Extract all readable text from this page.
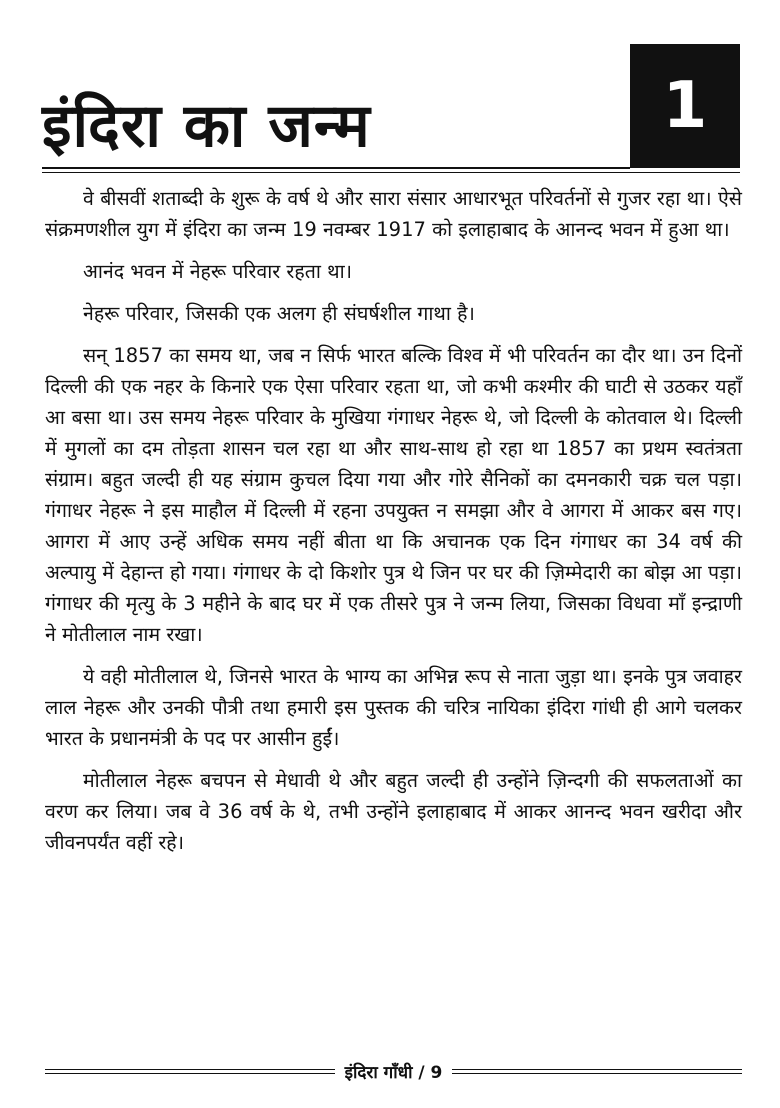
इंदिरा का जन्म	1

वे बीसवीं शताब्दी के शुरू के वर्ष थे और सारा संसार आधारभूत परिवर्तनों से गुजर रहा था। ऐसे संक्रमणशील युग में इंदिरा का जन्म 19 नवम्बर 1917 को इलाहाबाद के आनन्द भवन में हुआ था।

आनंद भवन में नेहरू परिवार रहता था।

नेहरू परिवार, जिसकी एक अलग ही संघर्षशील गाथा है।

सन् 1857 का समय था, जब न सिर्फ भारत बल्कि विश्व में भी परिवर्तन का दौर था। उन दिनों दिल्ली की एक नहर के किनारे एक ऐसा परिवार रहता था, जो कभी कश्मीर की घाटी से उठकर यहाँ आ बसा था। उस समय नेहरू परिवार के मुखिया गंगाधर नेहरू थे, जो दिल्ली के कोतवाल थे। दिल्ली में मुगलों का दम तोड़ता शासन चल रहा था और साथ-साथ हो रहा था 1857 का प्रथम स्वतंत्रता संग्राम। बहुत जल्दी ही यह संग्राम कुचल दिया गया और गोरे सैनिकों का दमनकारी चक्र चल पड़ा। गंगाधर नेहरू ने इस माहौल में दिल्ली में रहना उपयुक्त न समझा और वे आगरा में आकर बस गए। आगरा में आए उन्हें अधिक समय नहीं बीता था कि अचानक एक दिन गंगाधर का 34 वर्ष की अल्पायु में देहान्त हो गया। गंगाधर के दो किशोर पुत्र थे जिन पर घर की ज़िम्मेदारी का बोझ आ पड़ा। गंगाधर की मृत्यु के 3 महीने के बाद घर में एक तीसरे पुत्र ने जन्म लिया, जिसका विधवा माँ इन्द्राणी ने मोतीलाल नाम रखा।

ये वही मोतीलाल थे, जिनसे भारत के भाग्य का अभिन्न रूप से नाता जुड़ा था। इनके पुत्र जवाहर लाल नेहरू और उनकी पौत्री तथा हमारी इस पुस्तक की चरित्र नायिका इंदिरा गांधी ही आगे चलकर भारत के प्रधानमंत्री के पद पर आसीन हुईं।

मोतीलाल नेहरू बचपन से मेधावी थे और बहुत जल्दी ही उन्होंने ज़िन्दगी की सफलताओं का वरण कर लिया। जब वे 36 वर्ष के थे, तभी उन्होंने इलाहाबाद में आकर आनन्द भवन खरीदा और जीवनपर्यंत वहीं रहे।

इंदिरा गाँधी / 9
